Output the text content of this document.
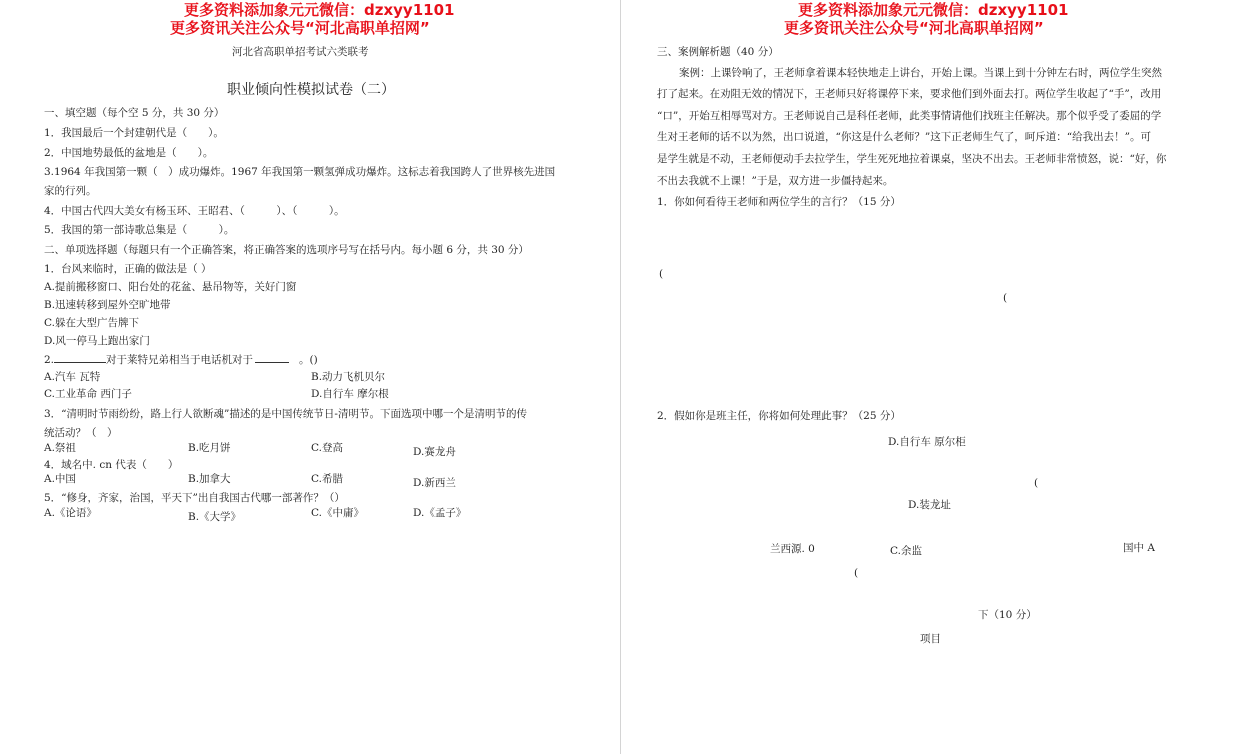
更多资料添加象元元微信：dzxyy1101
更多资讯关注公众号“河北高职单招网”
河北省高职单招考试六类联考
职业倾向性模拟试卷（二）
一、填空题（每个空 5 分，共 30 分）
1．我国最后一个封建朝代是（　　）。
2．中国地势最低的盆地是（　　）。
3.1964 年我国第一颗（　）成功爆炸。1967 年我国第一颗氢弹成功爆炸。这标志着我国跨人了世界核先进国
家的行列。
4．中国古代四大美女有杨玉环、王昭君、（　　　）、（　　　）。
5．我国的第一部诗歌总集是（　　　）。
二、单项选择题（每题只有一个正确答案，将正确答案的选项序号写在括号内。每小题 6 分，共 30 分）
1．台风来临时，正确的做法是（ ）
A.提前搬移窗口、阳台处的花盆、悬吊物等，关好门窗
B.迅速转移到屋外空旷地带
C.躲在大型广告牌下
D.风一停马上跑出家门
2.	对于莱特兄弟相当于电话机对于	。()
A.汽车 瓦特	B.动力飞机贝尔
C.工业革命 西门子	D.自行车 摩尔根
3．“清明时节雨纷纷，路上行人欲断魂”描述的是中国传统节日-清明节。下面选项中哪一个是清明节的传
统活动？（　）
A.祭祖	B.吃月饼	C.登高	D.赛龙舟
4．域名中. cn 代表（　　）
A.中国	B.加拿大	C.希腊	D.新西兰
5．“修身，齐家，治国，平天下”出自我国古代哪一部著作？（）
A.《论语》	B.《大学》	C.《中庸》	D.《孟子》
更多资料添加象元元微信：dzxyy1101
更多资讯关注公众号“河北高职单招网”
三、案例解析题（40 分）
案例：上课铃响了，王老师拿着课本轻快地走上讲台，开始上课。当课上到十分钟左右时，两位学生突然
打了起来。在劝阻无效的情况下，王老师只好将课停下来，要求他们到外面去打。两位学生收起了“手”，改用
“口”，开始互相辱骂对方。王老师说自己是科任老师，此类事情请他们找班主任解决。那个似乎受了委屈的学
生对王老师的话不以为然，出口说道，“你这是什么老师？”这下正老师生气了，呵斥道：“给我出去！”。可
是学生就是不动，王老师便动手去拉学生，学生死死地拉着课桌，坚决不出去。王老师非常愤怒，说：“好，你
不出去我就不上课！”于是，双方进一步僵持起来。
1．你如何看待王老师和两位学生的言行？（15 分）
(
(
2．假如你是班主任，你将如何处理此事？（25 分）
D.自行车 原尔柜
(
D.装龙址
兰西源. 0	C.余监	国中 A
(
下（10 分）
项目
